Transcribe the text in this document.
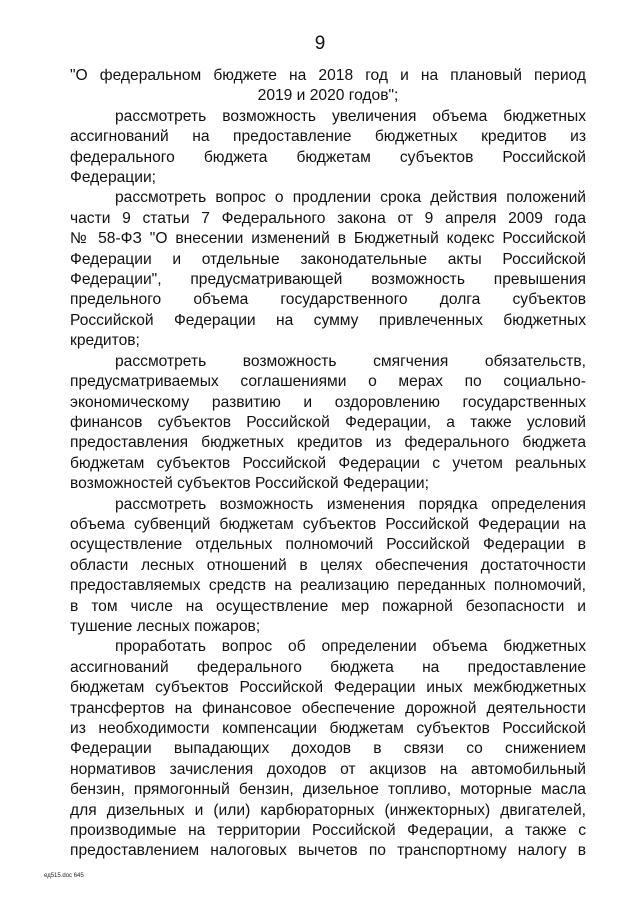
9

"О федеральном бюджете на 2018 год и на плановый период
2019 и 2020 годов";

рассмотреть возможность увеличения объема бюджетных
ассигнований на предоставление бюджетных кредитов из
федерального бюджета бюджетам субъектов Российской
Федерации;

рассмотреть вопрос о продлении срока действия положений
части 9 статьи 7 Федерального закона от 9 апреля 2009 года
№ 58-ФЗ "О внесении изменений в Бюджетный кодекс Российской
Федерации и отдельные законодательные акты Российской
Федерации", предусматривающей возможность превышения
предельного объема государственного долга субъектов
Российской Федерации на сумму привлеченных бюджетных
кредитов;

рассмотреть возможность смягчения обязательств,
предусматриваемых соглашениями о мерах по социально-
экономическому развитию и оздоровлению государственных
финансов субъектов Российской Федерации, а также условий
предоставления бюджетных кредитов из федерального бюджета
бюджетам субъектов Российской Федерации с учетом реальных
возможностей субъектов Российской Федерации;

рассмотреть возможность изменения порядка определения
объема субвенций бюджетам субъектов Российской Федерации на
осуществление отдельных полномочий Российской Федерации в
области лесных отношений в целях обеспечения достаточности
предоставляемых средств на реализацию переданных полномочий,
в том числе на осуществление мер пожарной безопасности и
тушение лесных пожаров;

проработать вопрос об определении объема бюджетных
ассигнований федерального бюджета на предоставление
бюджетам субъектов Российской Федерации иных межбюджетных
трансфертов на финансовое обеспечение дорожной деятельности
из необходимости компенсации бюджетам субъектов Российской
Федерации выпадающих доходов в связи со снижением
нормативов зачисления доходов от акцизов на автомобильный
бензин, прямогонный бензин, дизельное топливо, моторные масла
для дизельных и (или) карбюраторных (инжекторных) двигателей,
производимые на территории Российской Федерации, а также с
предоставлением налоговых вычетов по транспортному налогу в

ед515.doc 645
